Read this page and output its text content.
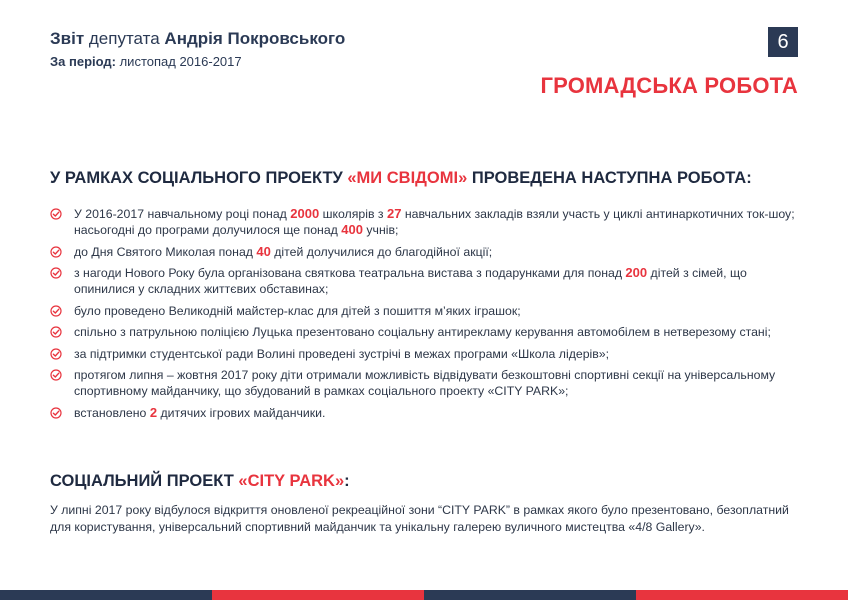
Звіт депутата Андрія Покровського
За період: листопад 2016-2017
6
ГРОМАДСЬКА РОБОТА
У РАМКАХ СОЦІАЛЬНОГО ПРОЕКТУ «МИ СВІДОМІ» ПРОВЕДЕНА НАСТУПНА РОБОТА:
У 2016-2017 навчальному році понад 2000 школярів з 27 навчальних закладів взяли участь у циклі антинаркотичних ток-шоу; насьогодні до програми долучилося ще понад 400 учнів;
до Дня Святого Миколая понад 40 дітей долучилися до благодійної акції;
з нагоди Нового Року була організована святкова театральна вистава з подарунками для понад 200 дітей з сімей, що опинилися у складних життєвих обставинах;
було проведено Великодній майстер-клас для дітей з пошиття м’яких іграшок;
спільно з патрульною поліцією Луцька презентовано соціальну антирекламу керування автомобілем в нетверезому стані;
за підтримки студентської ради Волині проведені зустрічі в межах програми «Школа лідерів»;
протягом липня – жовтня 2017 року діти отримали можливість відвідувати безкоштовні спортивні секції на універсальному спортивному майданчику, що збудований в рамках соціального проекту «CITY PARK»;
встановлено 2 дитячих ігрових майданчики.
СОЦІАЛЬНИЙ ПРОЕКТ «CITY PARK»:
У липні 2017 року відбулося відкриття оновленої рекреаційної зони “CITY PARK” в рамках якого було презентовано, безоплатний для користування, універсальний спортивний майданчик та унікальну галерею вуличного мистецтва «4/8 Gallery».
